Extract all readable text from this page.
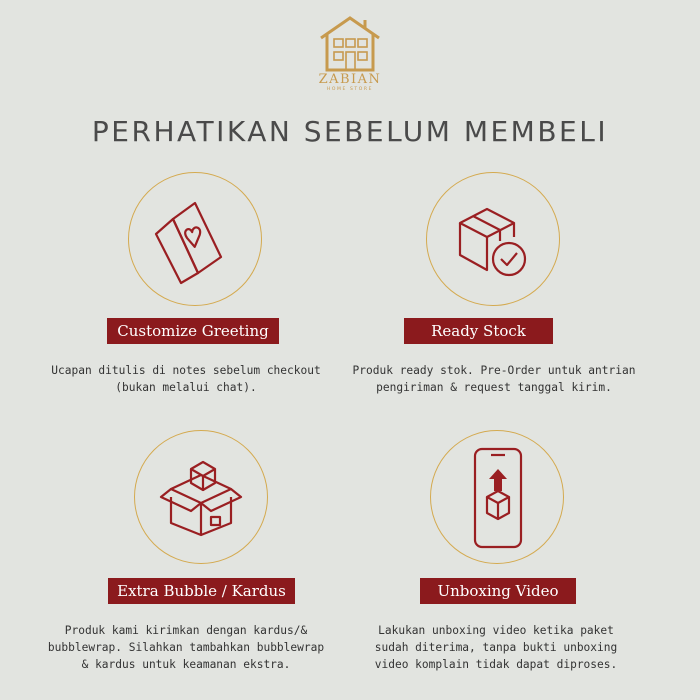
ZABIAN
HOME STORE
PERHATIKAN SEBELUM MEMBELI
Customize Greeting

Ucapan ditulis di notes sebelum checkout
(bukan melalui chat).

Ready Stock

Produk ready stok. Pre-Order untuk antrian
pengiriman & request tanggal kirim.

Extra Bubble / Kardus

Produk kami kirimkan dengan kardus/&
bubblewrap. Silahkan tambahkan bubblewrap
& kardus untuk keamanan ekstra.

Unboxing Video

Lakukan unboxing video ketika paket
sudah diterima, tanpa bukti unboxing
video komplain tidak dapat diproses.
